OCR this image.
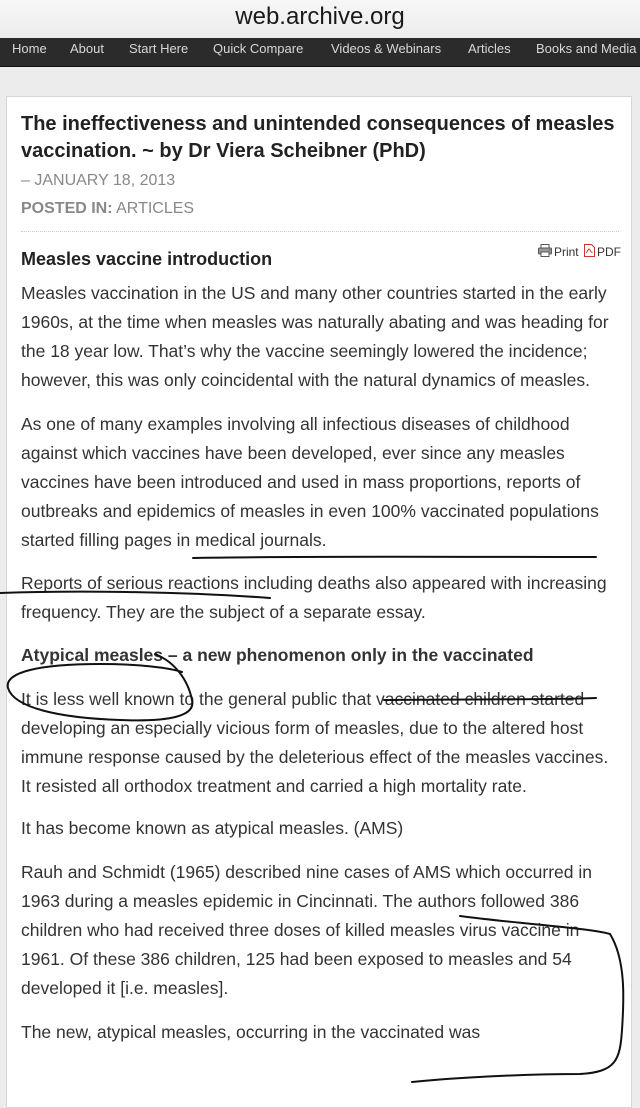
web.archive.org
Home About Start Here Quick Compare Videos & Webinars Articles Books and Media
The ineffectiveness and unintended consequences of measles vaccination. ~ by Dr Viera Scheibner (PhD)
– JANUARY 18, 2013
POSTED IN: ARTICLES
Measles vaccine introduction	Print PDF

Measles vaccination in the US and many other countries started in the early 1960s, at the time when measles was naturally abating and was heading for the 18 year low. That’s why the vaccine seemingly lowered the incidence; however, this was only coincidental with the natural dynamics of measles.

As one of many examples involving all infectious diseases of childhood against which vaccines have been developed, ever since any measles vaccines have been introduced and used in mass proportions, reports of outbreaks and epidemics of measles in even 100% vaccinated populations started filling pages in medical journals.

Reports of serious reactions including deaths also appeared with increasing frequency. They are the subject of a separate essay.

Atypical measles – a new phenomenon only in the vaccinated

It is less well known to the general public that vaccinated children started developing an especially vicious form of measles, due to the altered host immune response caused by the deleterious effect of the measles vaccines. It resisted all orthodox treatment and carried a high mortality rate.

It has become known as atypical measles. (AMS)

Rauh and Schmidt (1965) described nine cases of AMS which occurred in 1963 during a measles epidemic in Cincinnati. The authors followed 386 children who had received three doses of killed measles virus vaccine in 1961. Of these 386 children, 125 had been exposed to measles and 54 developed it [i.e. measles].

The new, atypical measles, occurring in the vaccinated was
